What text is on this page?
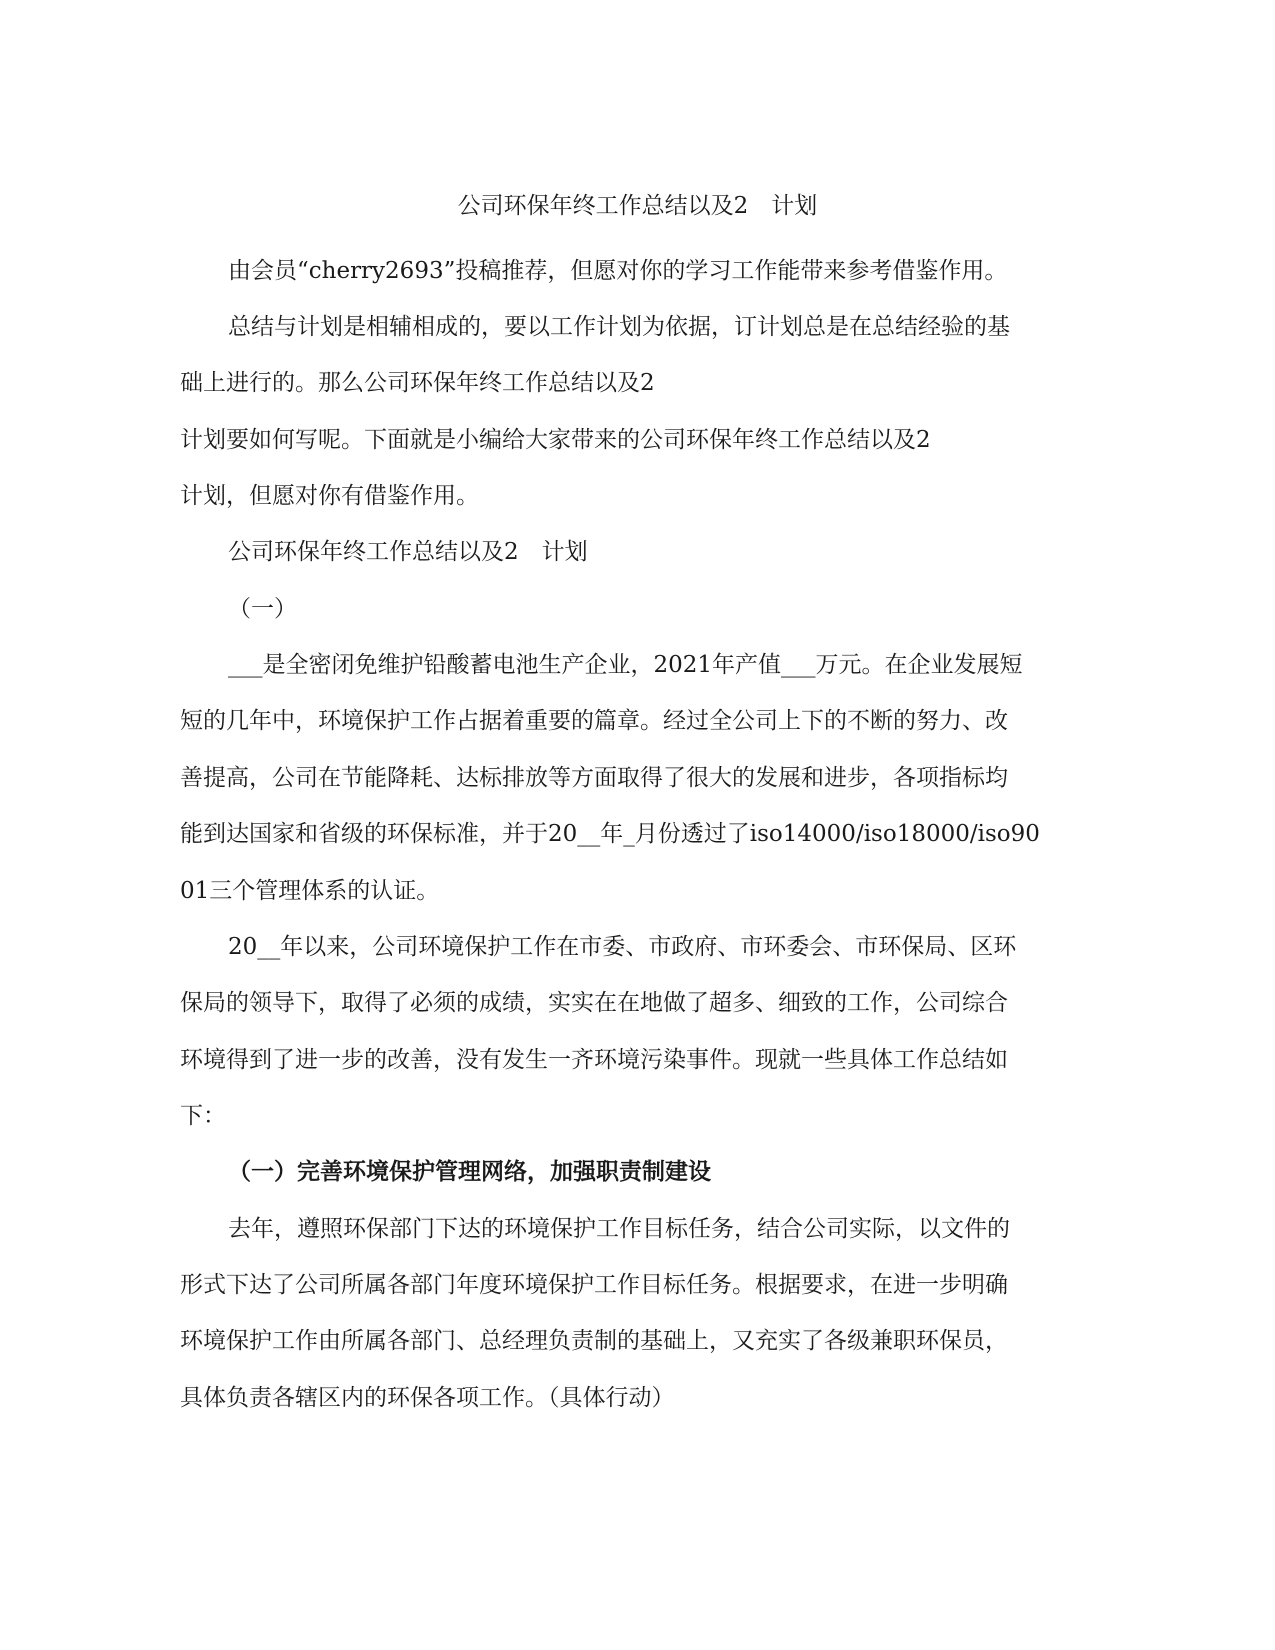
公司环保年终工作总结以及2　计划
由会员“cherry2693”投稿推荐，但愿对你的学习工作能带来参考借鉴作用。
总结与计划是相辅相成的，要以工作计划为依据，订计划总是在总结经验的基
础上进行的。那么公司环保年终工作总结以及2
计划要如何写呢。下面就是小编给大家带来的公司环保年终工作总结以及2
计划，但愿对你有借鉴作用。
公司环保年终工作总结以及2　计划
（一）
___是全密闭免维护铅酸蓄电池生产企业，2021年产值___万元。在企业发展短
短的几年中，环境保护工作占据着重要的篇章。经过全公司上下的不断的努力、改
善提高，公司在节能降耗、达标排放等方面取得了很大的发展和进步，各项指标均
能到达国家和省级的环保标准，并于20__年_月份透过了iso14000/iso18000/iso90
01三个管理体系的认证。
20__年以来，公司环境保护工作在市委、市政府、市环委会、市环保局、区环
保局的领导下，取得了必须的成绩，实实在在地做了超多、细致的工作，公司综合
环境得到了进一步的改善，没有发生一齐环境污染事件。现就一些具体工作总结如
下：
（一）完善环境保护管理网络，加强职责制建设
去年，遵照环保部门下达的环境保护工作目标任务，结合公司实际，以文件的
形式下达了公司所属各部门年度环境保护工作目标任务。根据要求，在进一步明确
环境保护工作由所属各部门、总经理负责制的基础上，又充实了各级兼职环保员，
具体负责各辖区内的环保各项工作。（具体行动）
